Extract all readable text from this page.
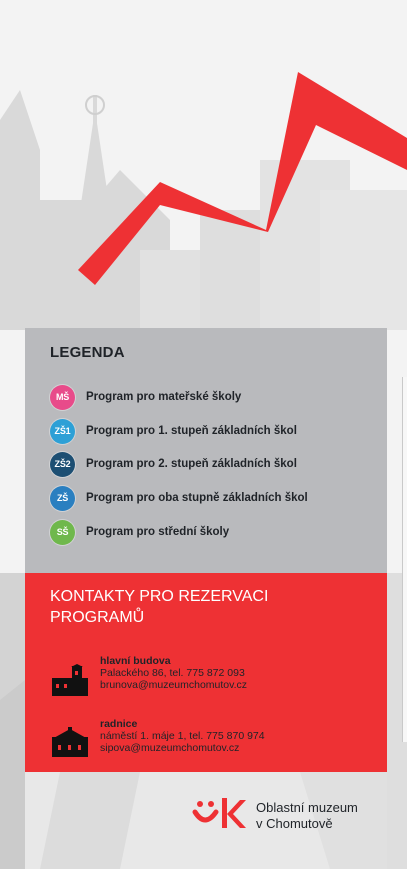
LEGENDA
MŠ	Program pro mateřské školy
ZŠ1	Program pro 1. stupeň základních škol
ZŠ2	Program pro 2. stupeň základních škol
ZŠ	Program pro oba stupně základních škol
SŠ	Program pro střední školy
KONTAKTY PRO REZERVACI PROGRAMŮ
hlavní budova
Palackého 86, tel. 775 872 093
brunova@muzeumchomutov.cz
radnice
náměstí 1. máje 1, tel. 775 870 974
sipova@muzeumchomutov.cz
Oblastní muzeum
v Chomutově
